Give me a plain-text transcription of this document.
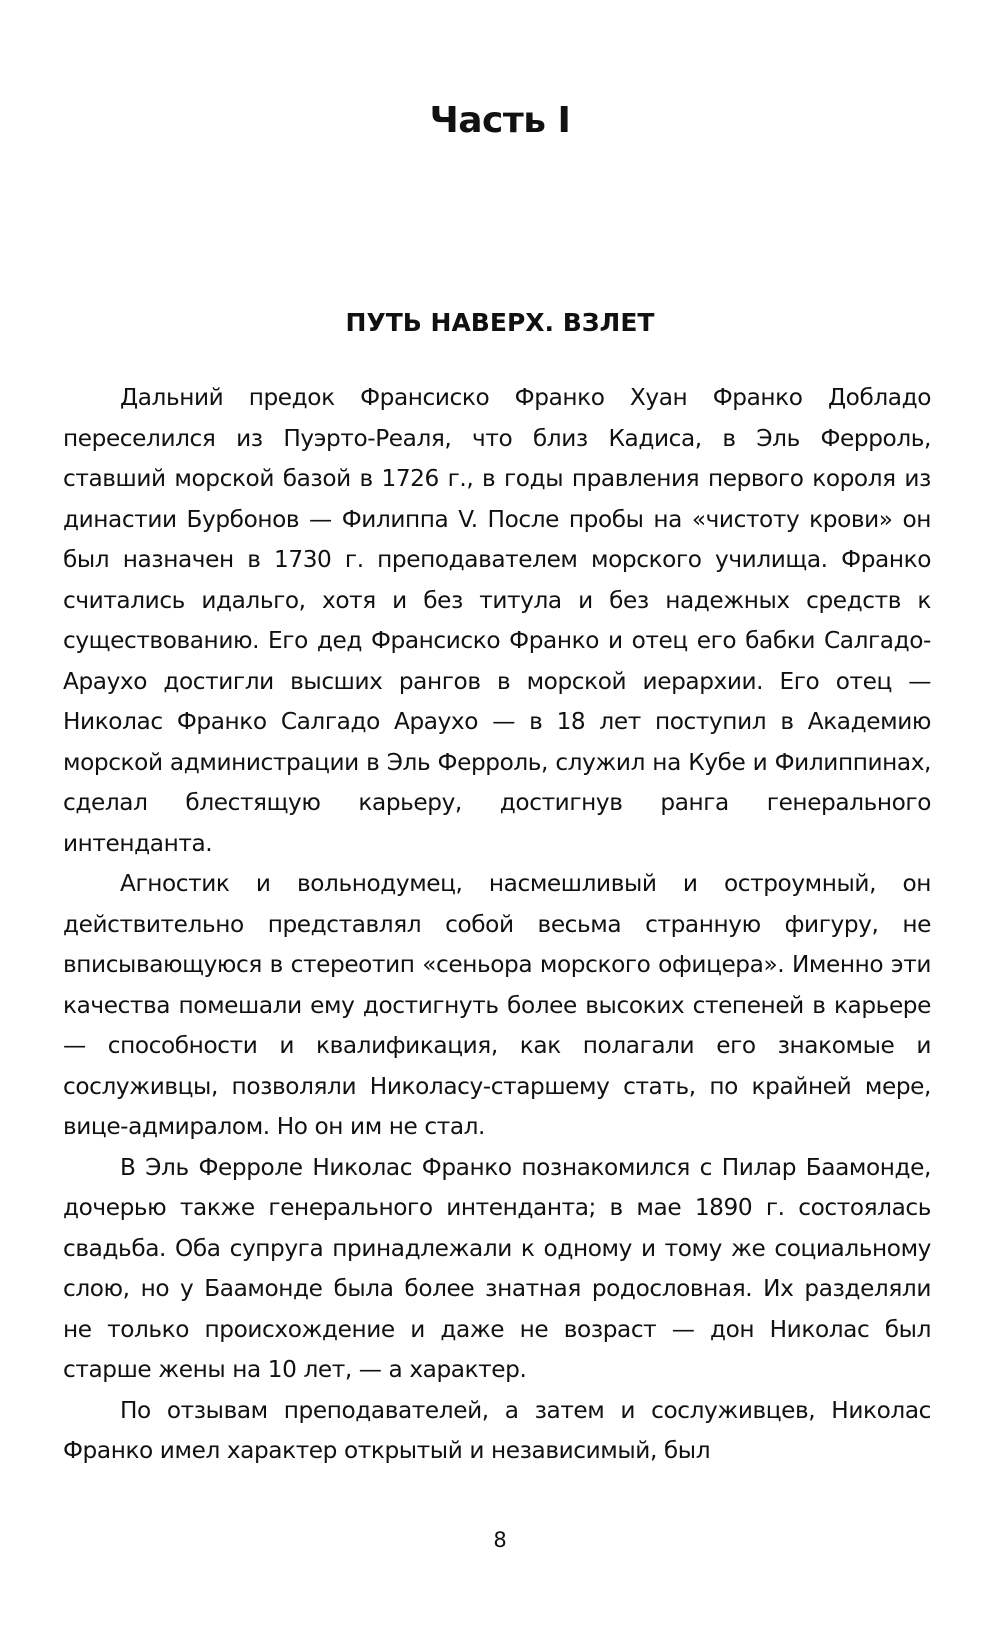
Часть I
ПУТЬ НАВЕРХ. ВЗЛЕТ

Дальний предок Франсиско Франко Хуан Франко Добладо переселился из Пуэрто-Реаля, что близ Кадиса, в Эль Ферроль, ставший морской базой в 1726 г., в годы правления первого короля из династии Бурбонов — Филиппа V. После пробы на «чистоту крови» он был назначен в 1730 г. преподавателем морского училища. Франко считались идальго, хотя и без титула и без надежных средств к существованию. Его дед Франсиско Франко и отец его бабки Салгадо-Араухо достигли высших рангов в морской иерархии. Его отец — Николас Франко Салгадо Араухо — в 18 лет поступил в Академию морской администрации в Эль Ферроль, служил на Кубе и Филиппинах, сделал блестящую карьеру, достигнув ранга генерального интенданта.

Агностик и вольнодумец, насмешливый и остроумный, он действительно представлял собой весьма странную фигуру, не вписывающуюся в стереотип «сеньора морского офицера». Именно эти качества помешали ему достигнуть более высоких степеней в карьере — способности и квалификация, как полагали его знакомые и сослуживцы, позволяли Николасу-старшему стать, по крайней мере, вице-адмиралом. Но он им не стал.

В Эль Ферроле Николас Франко познакомился с Пилар Баамонде, дочерью также генерального интенданта; в мае 1890 г. состоялась свадьба. Оба супруга принадлежали к одному и тому же социальному слою, но у Баамонде была более знатная родословная. Их разделяли не только происхождение и даже не возраст — дон Николас был старше жены на 10 лет, — а характер.

По отзывам преподавателей, а затем и сослуживцев, Николас Франко имел характер открытый и независимый, был

8
